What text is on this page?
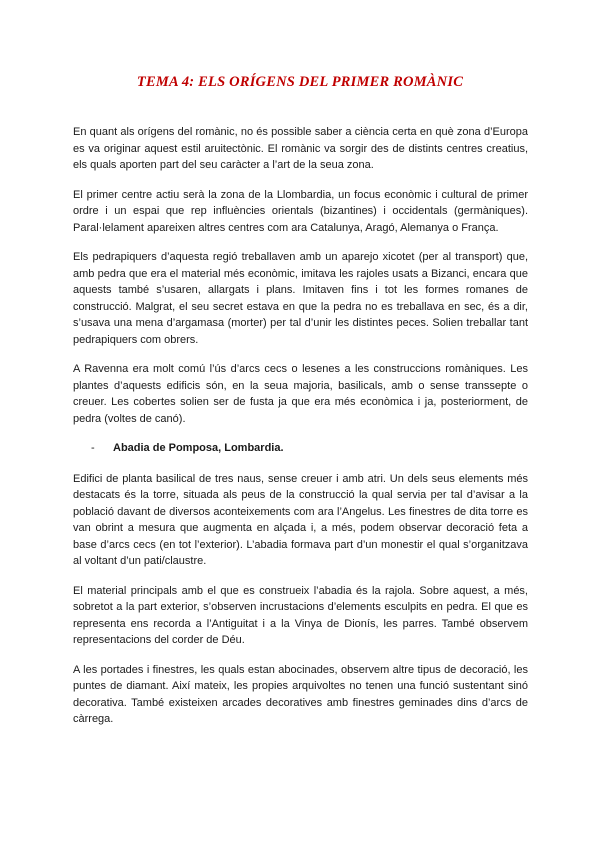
TEMA 4: ELS ORÍGENS DEL PRIMER ROMÀNIC

En quant als orígens del romànic, no és possible saber a ciència certa en què zona d’Europa es va originar aquest estil aruitectònic. El romànic va sorgir des de distints centres creatius, els quals aporten part del seu caràcter a l’art de la seua zona.

El primer centre actiu serà la zona de la Llombardia, un focus econòmic i cultural de primer ordre i un espai que rep influències orientals (bizantines) i occidentals (germàniques). Paral·lelament apareixen altres centres com ara Catalunya, Aragó, Alemanya o França.

Els pedrapiquers d’aquesta regió treballaven amb un aparejo xicotet (per al transport) que, amb pedra que era el material més econòmic, imitava les rajoles usats a Bizanci, encara que aquests també s’usaren, allargats i plans. Imitaven fins i tot les formes romanes de construcció. Malgrat, el seu secret estava en que la pedra no es treballava en sec, és a dir, s’usava una mena d’argamasa (morter) per tal d’unir les distintes peces. Solien treballar tant pedrapiquers com obrers.

A Ravenna era molt comú l’ús d’arcs cecs o lesenes a les construccions romàniques. Les plantes d’aquests edificis són, en la seua majoria, basilicals, amb o sense transsepte o creuer. Les cobertes solien ser de fusta ja que era més econòmica i ja, posteriorment, de pedra (voltes de canó).

-	Abadia de Pomposa, Lombardia.

Edifici de planta basilical de tres naus, sense creuer i amb atri. Un dels seus elements més destacats és la torre, situada als peus de la construcció la qual servia per tal d’avisar a la població davant de diversos aconteixements com ara l’Angelus. Les finestres de dita torre es van obrint a mesura que augmenta en alçada i, a més, podem observar decoració feta a base d’arcs cecs (en tot l’exterior). L’abadia formava part d’un monestir el qual s’organitzava al voltant d’un pati/claustre.

El material principals amb el que es construeix l’abadia és la rajola. Sobre aquest, a més, sobretot a la part exterior, s’observen incrustacions d’elements esculpits en pedra. El que es representa ens recorda a l’Antiguitat i a la Vinya de Dionís, les parres. També observem representacions del corder de Déu.

A les portades i finestres, les quals estan abocinades, observem altre tipus de decoració, les puntes de diamant. Així mateix, les propies arquivoltes no tenen una funció sustentant sinó decorativa. També existeixen arcades decoratives amb finestres geminades dins d’arcs de càrrega.
